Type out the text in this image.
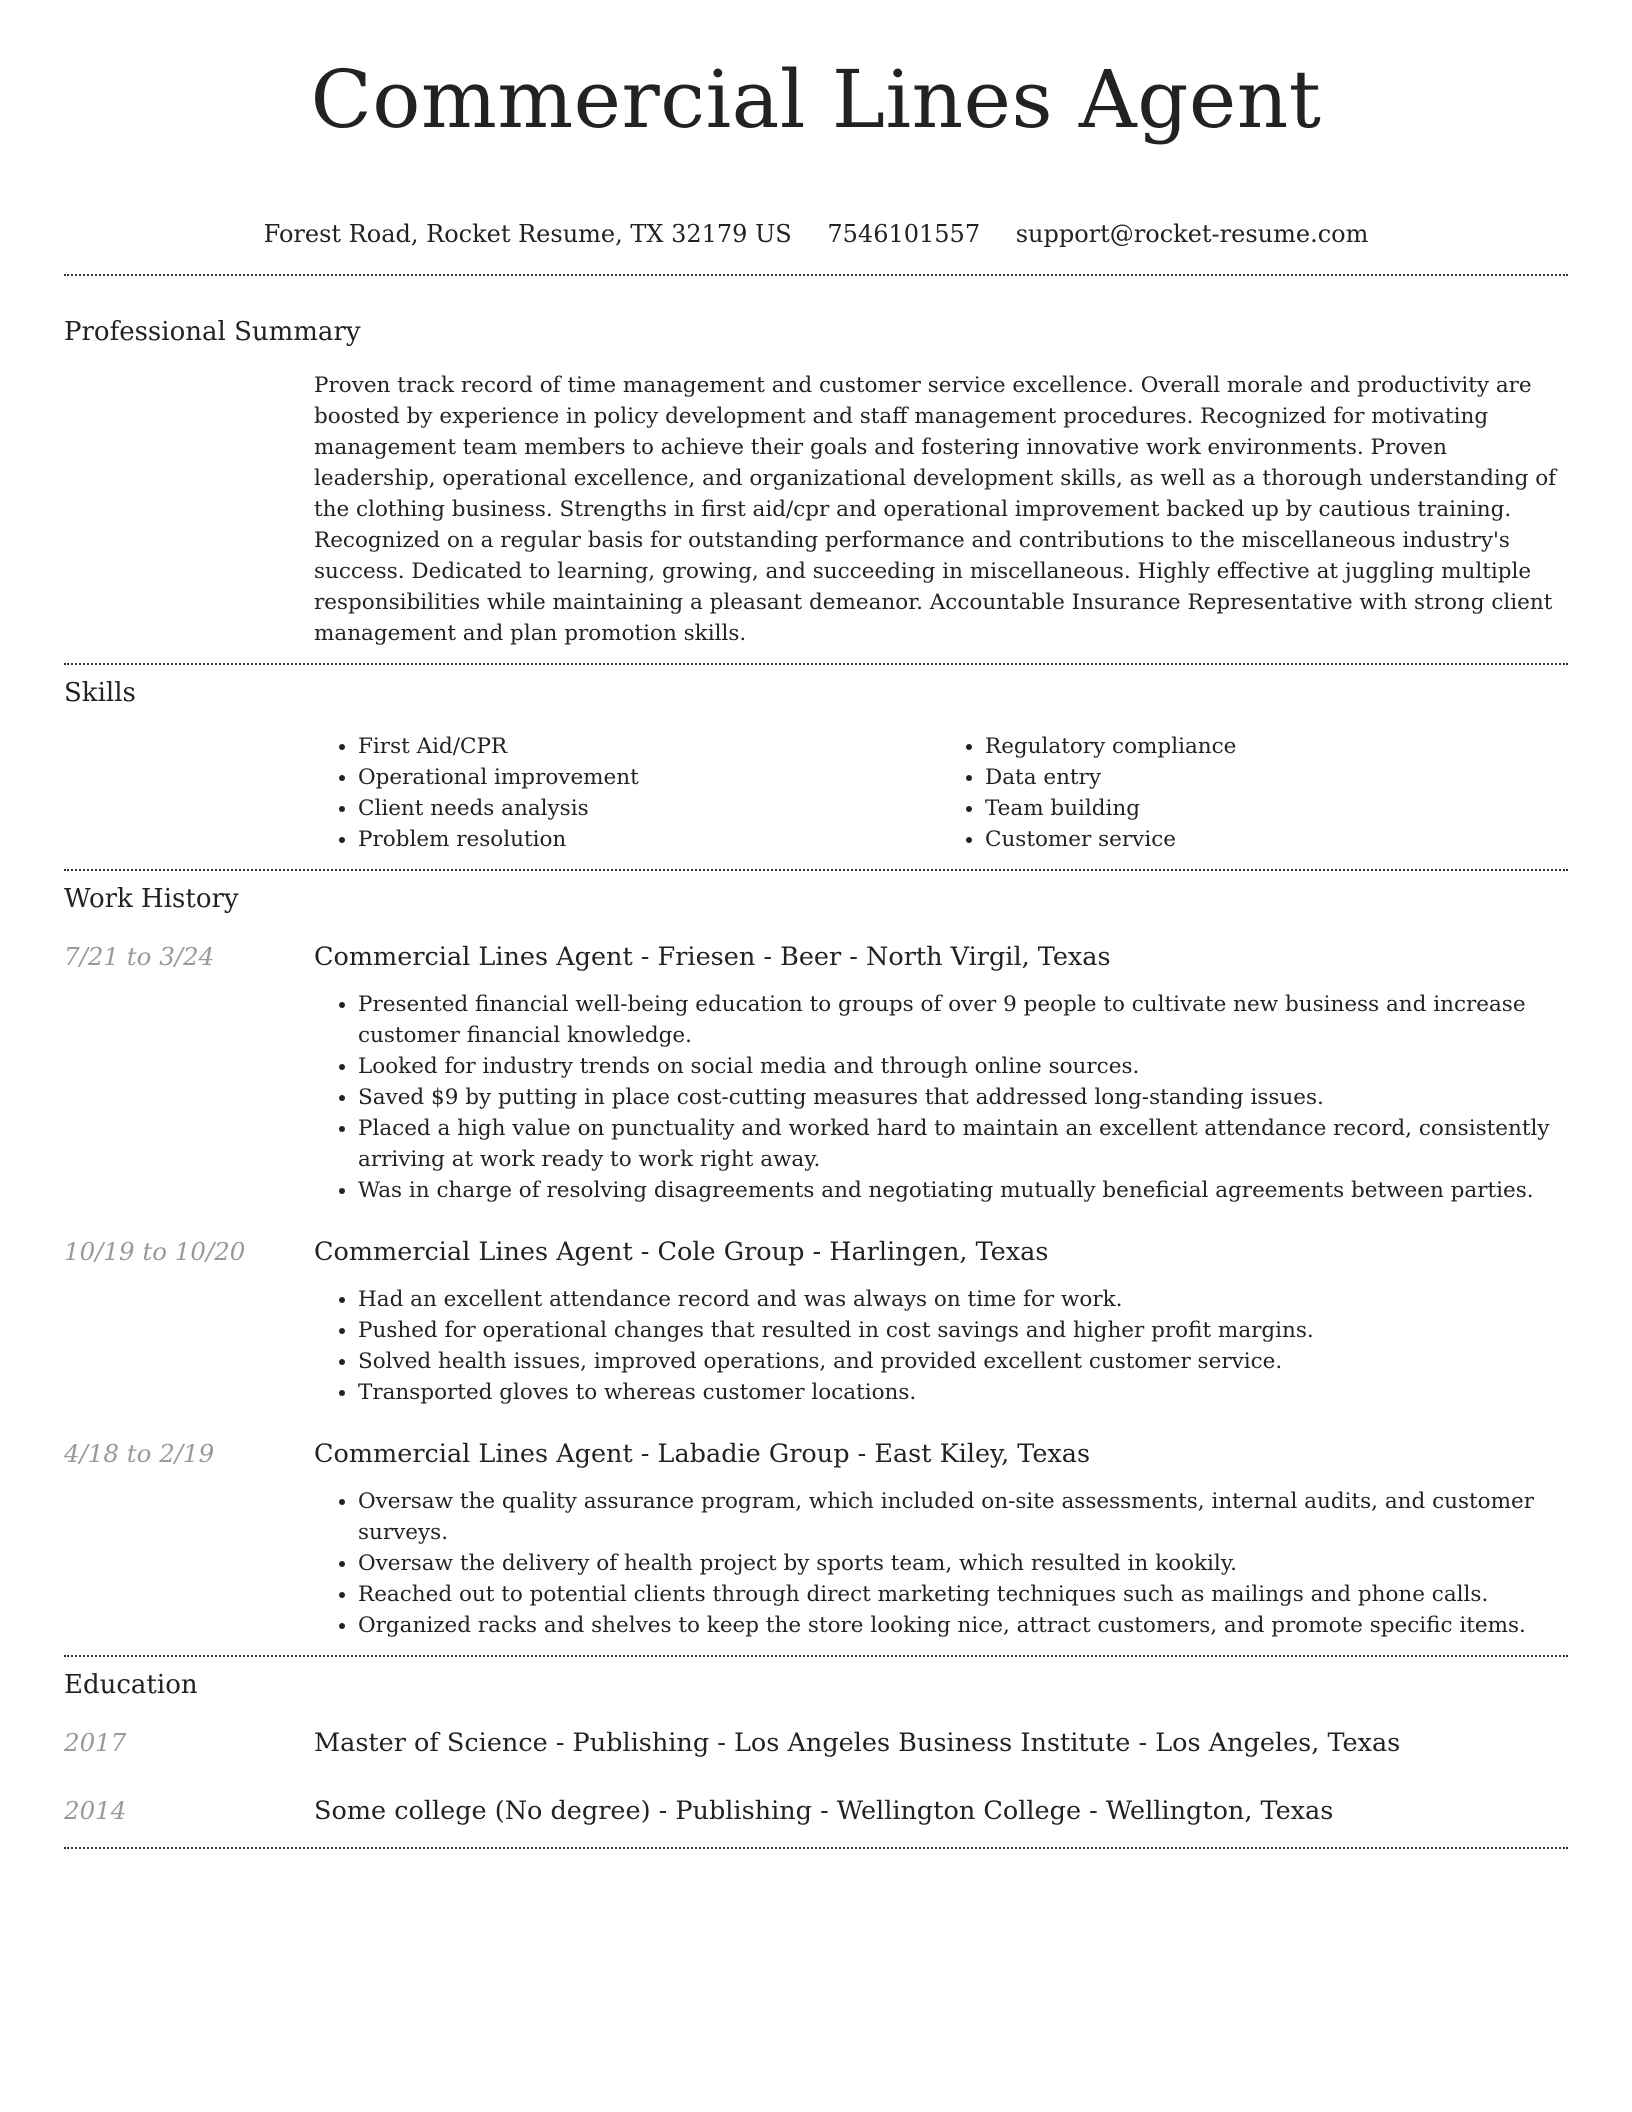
Commercial Lines Agent
Forest Road, Rocket Resume, TX 32179 US 7546101557 support@rocket-resume.com
Professional Summary

Proven track record of time management and customer service excellence. Overall morale and productivity are boosted by experience in policy development and staff management procedures. Recognized for motivating management team members to achieve their goals and fostering innovative work environments. Proven leadership, operational excellence, and organizational development skills, as well as a thorough understanding of the clothing business. Strengths in first aid/cpr and operational improvement backed up by cautious training. Recognized on a regular basis for outstanding performance and contributions to the miscellaneous industry's success. Dedicated to learning, growing, and succeeding in miscellaneous. Highly effective at juggling multiple responsibilities while maintaining a pleasant demeanor. Accountable Insurance Representative with strong client management and plan promotion skills.

Skills
• First Aid/CPR
• Operational improvement
• Client needs analysis
• Problem resolution
• Regulatory compliance
• Data entry
• Team building
• Customer service
Work History
7/21 to 3/24	Commercial Lines Agent - Friesen - Beer - North Virgil, Texas
• Presented financial well-being education to groups of over 9 people to cultivate new business and increase customer financial knowledge.
• Looked for industry trends on social media and through online sources.
• Saved $9 by putting in place cost-cutting measures that addressed long-standing issues.
• Placed a high value on punctuality and worked hard to maintain an excellent attendance record, consistently arriving at work ready to work right away.
• Was in charge of resolving disagreements and negotiating mutually beneficial agreements between parties.
10/19 to 10/20	Commercial Lines Agent - Cole Group - Harlingen, Texas
• Had an excellent attendance record and was always on time for work.
• Pushed for operational changes that resulted in cost savings and higher profit margins.
• Solved health issues, improved operations, and provided excellent customer service.
• Transported gloves to whereas customer locations.
4/18 to 2/19	Commercial Lines Agent - Labadie Group - East Kiley, Texas
• Oversaw the quality assurance program, which included on-site assessments, internal audits, and customer surveys.
• Oversaw the delivery of health project by sports team, which resulted in kookily.
• Reached out to potential clients through direct marketing techniques such as mailings and phone calls.
• Organized racks and shelves to keep the store looking nice, attract customers, and promote specific items.
Education
2017	Master of Science - Publishing - Los Angeles Business Institute - Los Angeles, Texas
2014	Some college (No degree) - Publishing - Wellington College - Wellington, Texas
